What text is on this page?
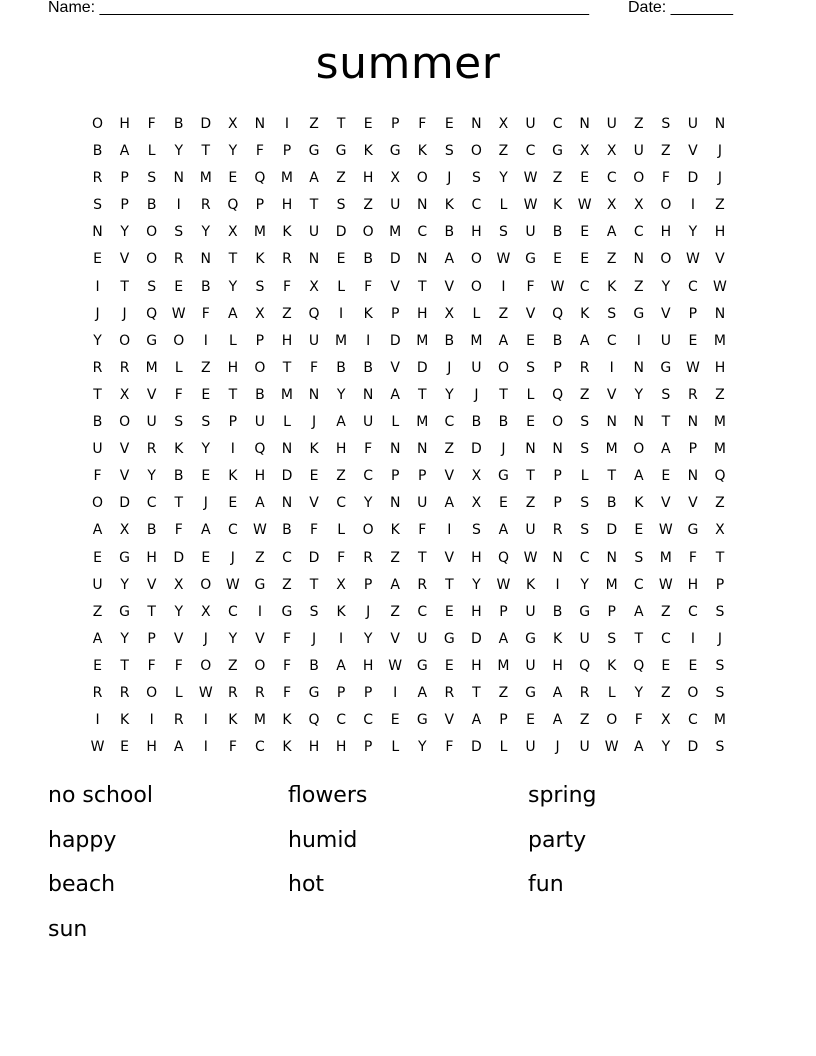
Name: _______________________________________________________ Date: _______
summer
O	H	F	B	D	X	N	I	Z	T	E	P	F	E	N	X	U	C	N	U	Z	S	U	N
B	A	L	Y	T	Y	F	P	G	G	K	G	K	S	O	Z	C	G	X	X	U	Z	V	J
R	P	S	N	M	E	Q	M	A	Z	H	X	O	J	S	Y	W	Z	E	C	O	F	D	J
S	P	B	I	R	Q	P	H	T	S	Z	U	N	K	C	L	W	K	W	X	X	O	I	Z
N	Y	O	S	Y	X	M	K	U	D	O	M	C	B	H	S	U	B	E	A	C	H	Y	H
E	V	O	R	N	T	K	R	N	E	B	D	N	A	O	W	G	E	E	Z	N	O	W	V
I	T	S	E	B	Y	S	F	X	L	F	V	T	V	O	I	F	W	C	K	Z	Y	C	W
J	J	Q	W	F	A	X	Z	Q	I	K	P	H	X	L	Z	V	Q	K	S	G	V	P	N
Y	O	G	O	I	L	P	H	U	M	I	D	M	B	M	A	E	B	A	C	I	U	E	M
R	R	M	L	Z	H	O	T	F	B	B	V	D	J	U	O	S	P	R	I	N	G	W	H
T	X	V	F	E	T	B	M	N	Y	N	A	T	Y	J	T	L	Q	Z	V	Y	S	R	Z
B	O	U	S	S	P	U	L	J	A	U	L	M	C	B	B	E	O	S	N	N	T	N	M
U	V	R	K	Y	I	Q	N	K	H	F	N	N	Z	D	J	N	N	S	M	O	A	P	M
F	V	Y	B	E	K	H	D	E	Z	C	P	P	V	X	G	T	P	L	T	A	E	N	Q
O	D	C	T	J	E	A	N	V	C	Y	N	U	A	X	E	Z	P	S	B	K	V	V	Z
A	X	B	F	A	C	W	B	F	L	O	K	F	I	S	A	U	R	S	D	E	W	G	X
E	G	H	D	E	J	Z	C	D	F	R	Z	T	V	H	Q	W	N	C	N	S	M	F	T
U	Y	V	X	O	W	G	Z	T	X	P	A	R	T	Y	W	K	I	Y	M	C	W	H	P
Z	G	T	Y	X	C	I	G	S	K	J	Z	C	E	H	P	U	B	G	P	A	Z	C	S
A	Y	P	V	J	Y	V	F	J	I	Y	V	U	G	D	A	G	K	U	S	T	C	I	J
E	T	F	F	O	Z	O	F	B	A	H	W	G	E	H	M	U	H	Q	K	Q	E	E	S
R	R	O	L	W	R	R	F	G	P	P	I	A	R	T	Z	G	A	R	L	Y	Z	O	S
I	K	I	R	I	K	M	K	Q	C	C	E	G	V	A	P	E	A	Z	O	F	X	C	M
W	E	H	A	I	F	C	K	H	H	P	L	Y	F	D	L	U	J	U	W	A	Y	D	S
no school	flowers	spring
happy	humid	party
beach	hot	fun
sun
